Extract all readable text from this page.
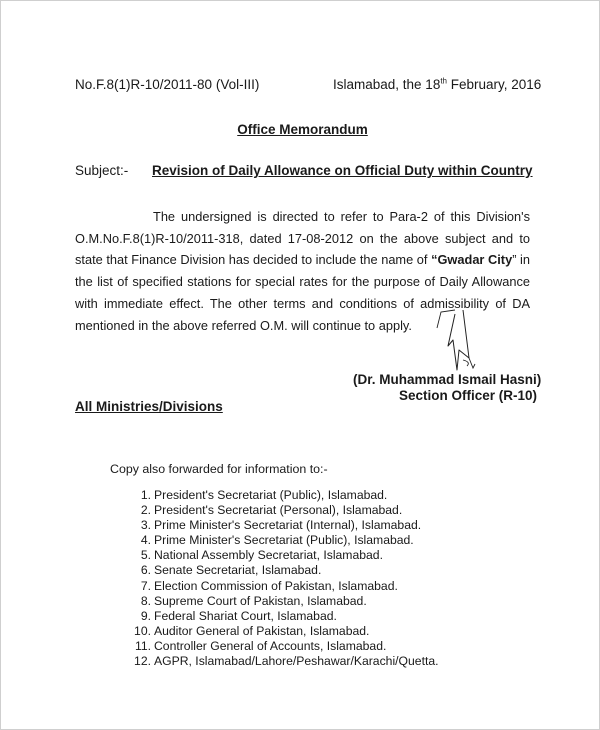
No.F.8(1)R-10/2011-80 (Vol-III)	Islamabad, the 18th February, 2016
Office Memorandum
Subject:- Revision of Daily Allowance on Official Duty within Country
The undersigned is directed to refer to Para-2 of this Division's O.M.No.F.8(1)R-10/2011-318, dated 17-08-2012 on the above subject and to state that Finance Division has decided to include the name of “Gwadar City” in the list of specified stations for special rates for the purpose of Daily Allowance with immediate effect. The other terms and conditions of admissibility of DA mentioned in the above referred O.M. will continue to apply.
(Dr. Muhammad Ismail Hasni)
Section Officer (R-10)
All Ministries/Divisions
Copy also forwarded for information to:-
1. President's Secretariat (Public), Islamabad.
2. President's Secretariat (Personal), Islamabad.
3. Prime Minister's Secretariat (Internal), Islamabad.
4. Prime Minister's Secretariat (Public), Islamabad.
5. National Assembly Secretariat, Islamabad.
6. Senate Secretariat, Islamabad.
7. Election Commission of Pakistan, Islamabad.
8. Supreme Court of Pakistan, Islamabad.
9. Federal Shariat Court, Islamabad.
10. Auditor General of Pakistan, Islamabad.
11. Controller General of Accounts, Islamabad.
12. AGPR, Islamabad/Lahore/Peshawar/Karachi/Quetta.
